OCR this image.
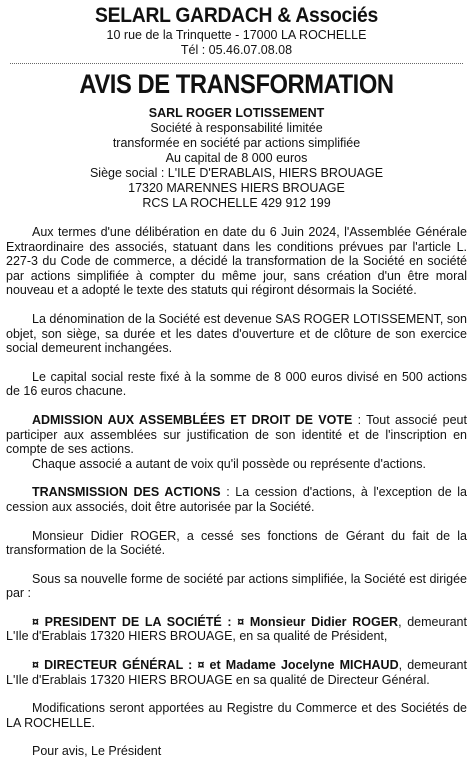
SELARL GARDACH & Associés
10 rue de la Trinquette - 17000 LA ROCHELLE
Tél : 05.46.07.08.08
AVIS DE TRANSFORMATION
SARL ROGER LOTISSEMENT
Société à responsabilité limitée
transformée en société par actions simplifiée
Au capital de 8 000 euros
Siège social : L'ILE D'ERABLAIS, HIERS BROUAGE
17320 MARENNES HIERS BROUAGE
RCS LA ROCHELLE 429 912 199

Aux termes d'une délibération en date du 6 Juin 2024, l'Assemblée Générale Extraordinaire des associés, statuant dans les conditions prévues par l'article L. 227-3 du Code de commerce, a décidé la transformation de la Société en société par actions simplifiée à compter du même jour, sans création d'un être moral nouveau et a adopté le texte des statuts qui régiront désormais la Société.

La dénomination de la Société est devenue SAS ROGER LOTISSEMENT, son objet, son siège, sa durée et les dates d'ouverture et de clôture de son exercice social demeurent inchangées.

Le capital social reste fixé à la somme de 8 000 euros divisé en 500 actions de 16 euros chacune.

ADMISSION AUX ASSEMBLÉES ET DROIT DE VOTE : Tout associé peut participer aux assemblées sur justification de son identité et de l'inscription en compte de ses actions.

Chaque associé a autant de voix qu'il possède ou représente d'actions.

TRANSMISSION DES ACTIONS : La cession d'actions, à l'exception de la cession aux associés, doit être autorisée par la Société.

Monsieur Didier ROGER, a cessé ses fonctions de Gérant du fait de la transformation de la Société.

Sous sa nouvelle forme de société par actions simplifiée, la Société est dirigée par :

¤ PRESIDENT DE LA SOCIÉTÉ : ¤ Monsieur Didier ROGER, demeurant L'Ile d'Erablais 17320 HIERS BROUAGE, en sa qualité de Président,

¤ DIRECTEUR GÉNÉRAL : ¤ et Madame Jocelyne MICHAUD, demeurant L'Ile d'Erablais 17320 HIERS BROUAGE en sa qualité de Directeur Général.

Modifications seront apportées au Registre du Commerce et des Sociétés de LA ROCHELLE.

Pour avis, Le Président
